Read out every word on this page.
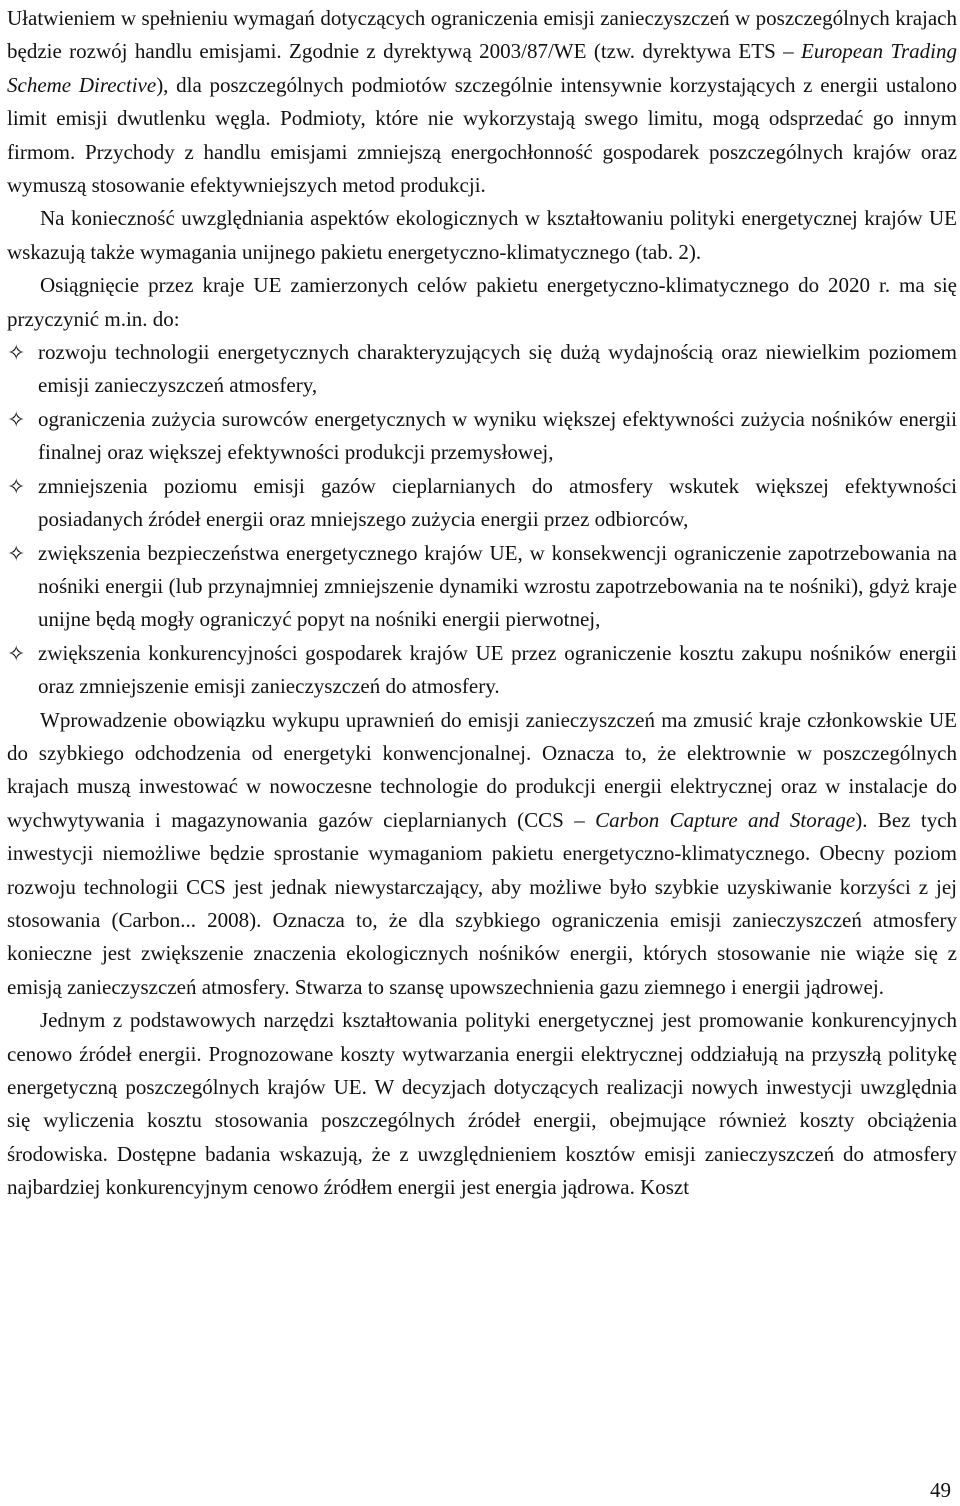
Ułatwieniem w spełnieniu wymagań dotyczących ograniczenia emisji zanieczyszczeń w poszczególnych krajach będzie rozwój handlu emisjami. Zgodnie z dyrektywą 2003/87/WE (tzw. dyrektywa ETS – European Trading Scheme Directive), dla poszczególnych podmiotów szczególnie intensywnie korzystających z energii ustalono limit emisji dwutlenku węgla. Podmioty, które nie wykorzystają swego limitu, mogą odsprzedać go innym firmom. Przychody z handlu emisjami zmniejszą energochłonność gospodarek poszczególnych krajów oraz wymuszą stosowanie efektywniejszych metod produkcji.

Na konieczność uwzględniania aspektów ekologicznych w kształtowaniu polityki energetycznej krajów UE wskazują także wymagania unijnego pakietu energetyczno-klimatycznego (tab. 2).

Osiągnięcie przez kraje UE zamierzonych celów pakietu energetyczno-klimatycznego do 2020 r. ma się przyczynić m.in. do:

✧ rozwoju technologii energetycznych charakteryzujących się dużą wydajnością oraz niewielkim poziomem emisji zanieczyszczeń atmosfery,
✧ ograniczenia zużycia surowców energetycznych w wyniku większej efektywności zużycia nośników energii finalnej oraz większej efektywności produkcji przemysłowej,
✧ zmniejszenia poziomu emisji gazów cieplarnianych do atmosfery wskutek większej efektywności posiadanych źródeł energii oraz mniejszego zużycia energii przez odbiorców,
✧ zwiększenia bezpieczeństwa energetycznego krajów UE, w konsekwencji ograniczenie zapotrzebowania na nośniki energii (lub przynajmniej zmniejszenie dynamiki wzrostu zapotrzebowania na te nośniki), gdyż kraje unijne będą mogły ograniczyć popyt na nośniki energii pierwotnej,
✧ zwiększenia konkurencyjności gospodarek krajów UE przez ograniczenie kosztu zakupu nośników energii oraz zmniejszenie emisji zanieczyszczeń do atmosfery.

Wprowadzenie obowiązku wykupu uprawnień do emisji zanieczyszczeń ma zmusić kraje członkowskie UE do szybkiego odchodzenia od energetyki konwencjonalnej. Oznacza to, że elektrownie w poszczególnych krajach muszą inwestować w nowoczesne technologie do produkcji energii elektrycznej oraz w instalacje do wychwytywania i magazynowania gazów cieplarnianych (CCS – Carbon Capture and Storage). Bez tych inwestycji niemożliwe będzie sprostanie wymaganiom pakietu energetyczno-klimatycznego. Obecny poziom rozwoju technologii CCS jest jednak niewystarczający, aby możliwe było szybkie uzyskiwanie korzyści z jej stosowania (Carbon... 2008). Oznacza to, że dla szybkiego ograniczenia emisji zanieczyszczeń atmosfery konieczne jest zwiększenie znaczenia ekologicznych nośników energii, których stosowanie nie wiąże się z emisją zanieczyszczeń atmosfery. Stwarza to szansę upowszechnienia gazu ziemnego i energii jądrowej.

Jednym z podstawowych narzędzi kształtowania polityki energetycznej jest promowanie konkurencyjnych cenowo źródeł energii. Prognozowane koszty wytwarzania energii elektrycznej oddziałują na przyszłą politykę energetyczną poszczególnych krajów UE. W decyzjach dotyczących realizacji nowych inwestycji uwzględnia się wyliczenia kosztu stosowania poszczególnych źródeł energii, obejmujące również koszty obciążenia środowiska. Dostępne badania wskazują, że z uwzględnieniem kosztów emisji zanieczyszczeń do atmosfery najbardziej konkurencyjnym cenowo źródłem energii jest energia jądrowa. Koszt

49
